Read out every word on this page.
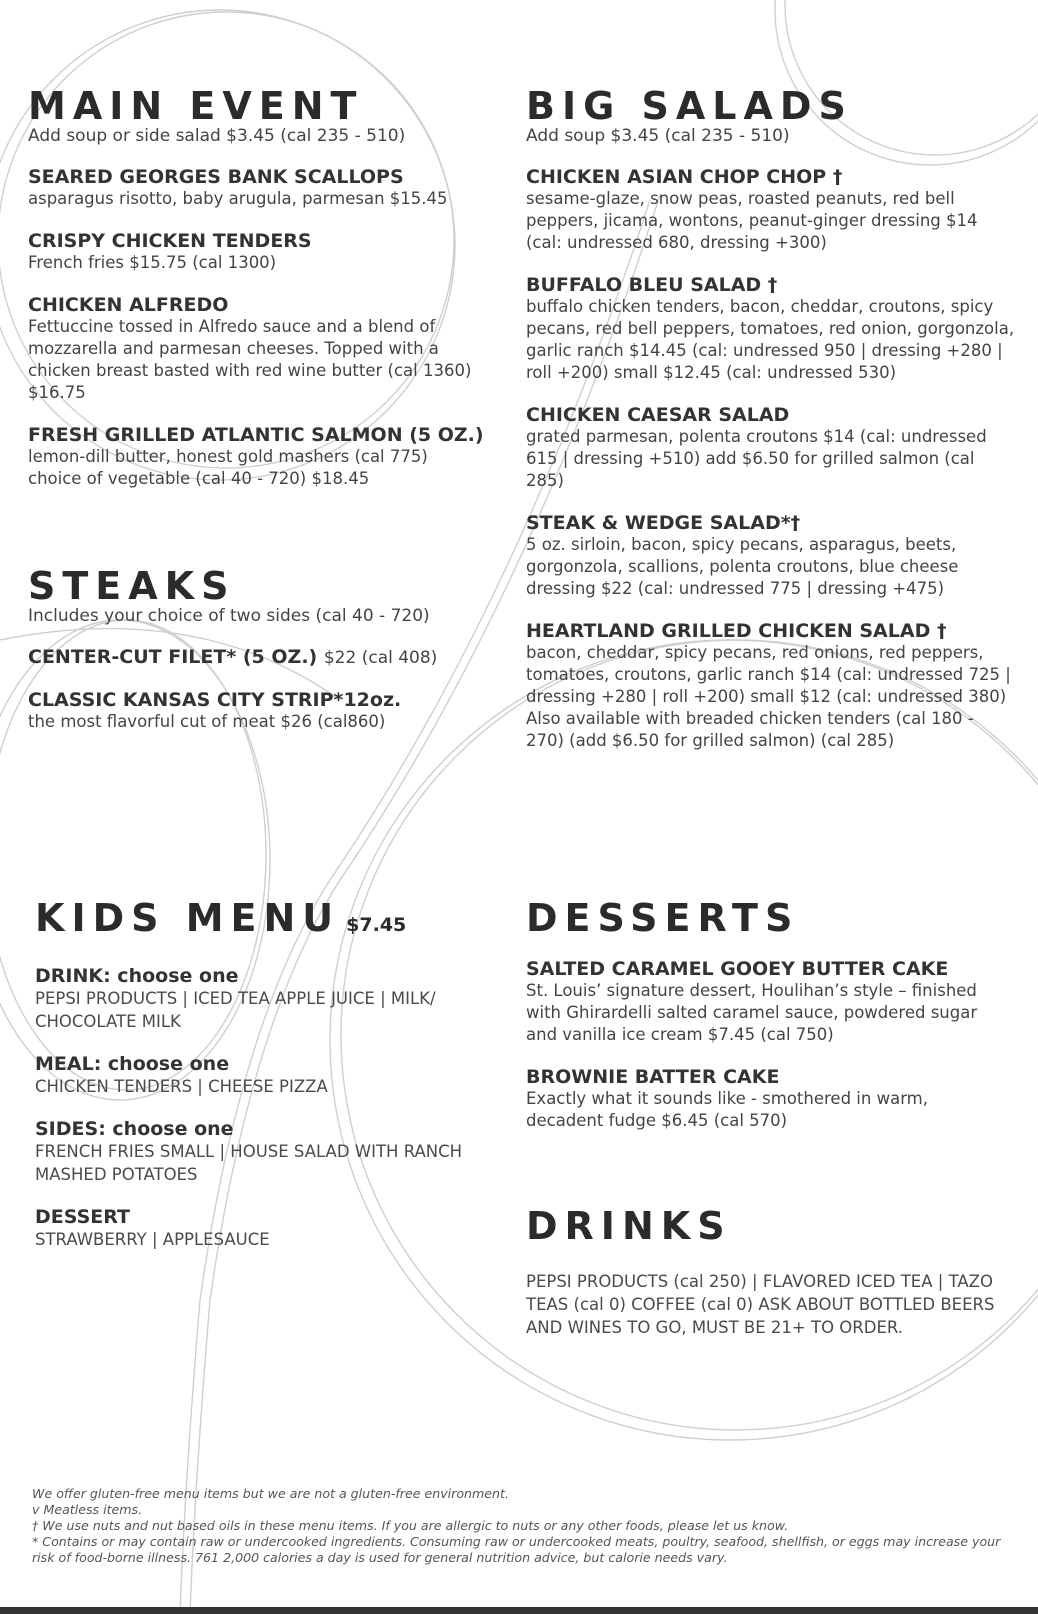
MAIN EVENT

Add soup or side salad $3.45 (cal 235 - 510)

SEARED GEORGES BANK SCALLOPS

asparagus risotto, baby arugula, parmesan $15.45

CRISPY CHICKEN TENDERS

French fries $15.75 (cal 1300)

CHICKEN ALFREDO

Fettuccine tossed in Alfredo sauce and a blend of mozzarella and parmesan cheeses. Topped with a chicken breast basted with red wine butter (cal 1360) $16.75

FRESH GRILLED ATLANTIC SALMON (5 OZ.)

lemon-dill butter, honest gold mashers (cal 775) choice of vegetable (cal 40 - 720) $18.45

STEAKS

Includes your choice of two sides (cal 40 - 720)

CENTER-CUT FILET* (5 OZ.) $22 (cal 408)

CLASSIC KANSAS CITY STRIP*12oz.

the most flavorful cut of meat $26 (cal860)

BIG SALADS

Add soup $3.45 (cal 235 - 510)

CHICKEN ASIAN CHOP CHOP †

sesame-glaze, snow peas, roasted peanuts, red bell peppers, jicama, wontons, peanut-ginger dressing $14 (cal: undressed 680, dressing +300)

BUFFALO BLEU SALAD †

buffalo chicken tenders, bacon, cheddar, croutons, spicy pecans, red bell peppers, tomatoes, red onion, gorgonzola, garlic ranch $14.45 (cal: undressed 950 | dressing +280 | roll +200) small $12.45 (cal: undressed 530)

CHICKEN CAESAR SALAD

grated parmesan, polenta croutons $14 (cal: undressed 615 | dressing +510) add $6.50 for grilled salmon (cal 285)

STEAK & WEDGE SALAD*†

5 oz. sirloin, bacon, spicy pecans, asparagus, beets, gorgonzola, scallions, polenta croutons, blue cheese dressing $22 (cal: undressed 775 | dressing +475)

HEARTLAND GRILLED CHICKEN SALAD †

bacon, cheddar, spicy pecans, red onions, red peppers, tomatoes, croutons, garlic ranch $14 (cal: undressed 725 | dressing +280 | roll +200) small $12 (cal: undressed 380) Also available with breaded chicken tenders (cal 180 - 270) (add $6.50 for grilled salmon) (cal 285)

KIDS MENU $7.45

DRINK: choose one

PEPSI PRODUCTS | ICED TEA APPLE JUICE | MILK/ CHOCOLATE MILK

MEAL: choose one

CHICKEN TENDERS | CHEESE PIZZA

SIDES: choose one

FRENCH FRIES SMALL | HOUSE SALAD WITH RANCH MASHED POTATOES

DESSERT

STRAWBERRY | APPLESAUCE

DESSERTS

SALTED CARAMEL GOOEY BUTTER CAKE

St. Louis’ signature dessert, Houlihan’s style – finished with Ghirardelli salted caramel sauce, powdered sugar and vanilla ice cream $7.45 (cal 750)

BROWNIE BATTER CAKE

Exactly what it sounds like - smothered in warm, decadent fudge $6.45 (cal 570)

DRINKS

PEPSI PRODUCTS (cal 250) | FLAVORED ICED TEA | TAZO TEAS (cal 0) COFFEE (cal 0) ASK ABOUT BOTTLED BEERS AND WINES TO GO, MUST BE 21+ TO ORDER.

We offer gluten-free menu items but we are not a gluten-free environment.

v Meatless items.

† We use nuts and nut based oils in these menu items. If you are allergic to nuts or any other foods, please let us know.

* Contains or may contain raw or undercooked ingredients. Consuming raw or undercooked meats, poultry, seafood, shellfish, or eggs may increase your risk of food-borne illness. 761 2,000 calories a day is used for general nutrition advice, but calorie needs vary.
